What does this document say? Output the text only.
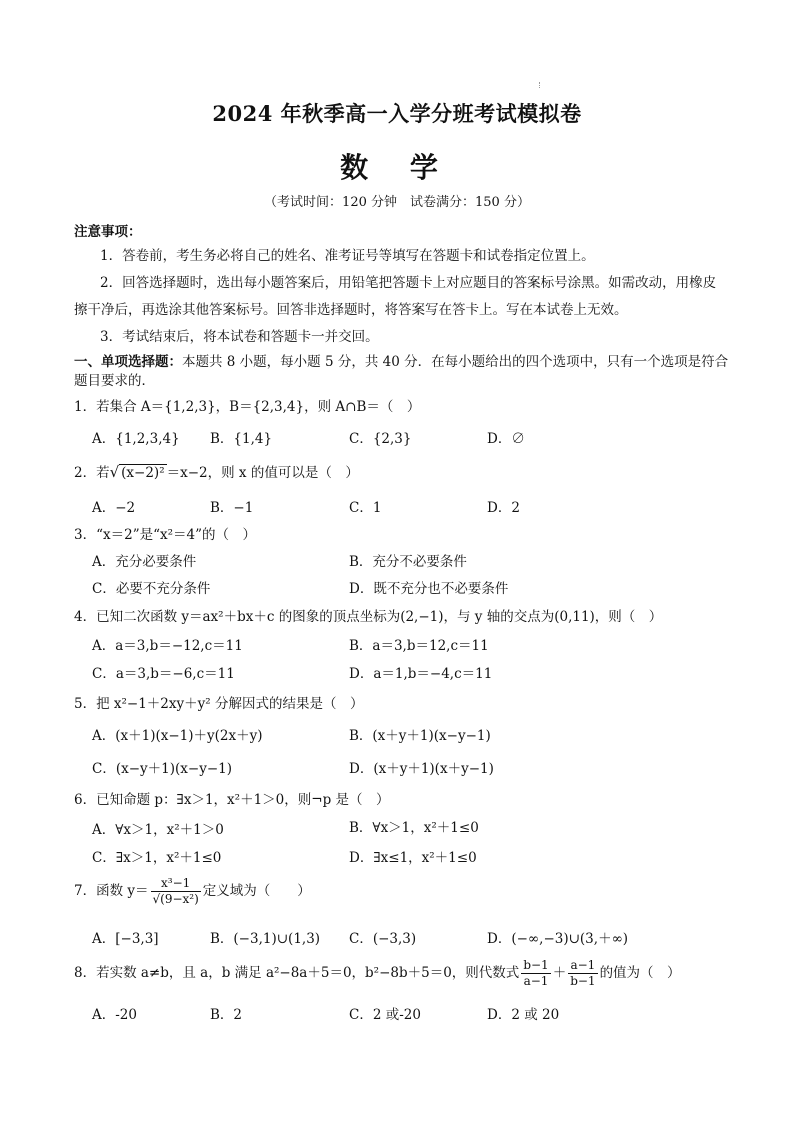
2024 年秋季高一入学分班考试模拟卷
数 学
（考试时间：120 分钟　试卷满分：150 分）
注意事项：

1．答卷前，考生务必将自己的姓名、准考证号等填写在答题卡和试卷指定位置上。

2．回答选择题时，选出每小题答案后，用铅笔把答题卡上对应题目的答案标号涂黑。如需改动，用橡皮擦干净后，再选涂其他答案标号。回答非选择题时，将答案写在答卡上。写在本试卷上无效。

3．考试结束后，将本试卷和答题卡一并交回。

一、单项选择题：本题共 8 小题，每小题 5 分，共 40 分．在每小题给出的四个选项中，只有一个选项是符合题目要求的．
1．若集合 A＝{1,2,3}，B＝{2,3,4}，则 A∩B＝（　）
A．{1,2,3,4} B．{1,4}	C．{2,3}	D．∅
2．若√ (x−2)² ＝x−2，则 x 的值可以是（　）
A．−2	B．−1	C．1	D．2
3．“x＝2”是“x²＝4”的（　）
A．充分必要条件	B．充分不必要条件
C．必要不充分条件	D．既不充分也不必要条件
4．已知二次函数 y＝ax²＋bx＋c 的图象的顶点坐标为(2,−1)，与 y 轴的交点为(0,11)，则（　）
A．a＝3,b＝−12,c＝11	B．a＝3,b＝12,c＝11
C．a＝3,b＝−6,c＝11	D．a＝1,b＝−4,c＝11
5．把 x²−1＋2xy＋y² 分解因式的结果是（　）
A．(x＋1)(x−1)＋y(2x＋y)	B．(x＋y＋1)(x−y−1)
C．(x−y＋1)(x−y−1)	D．(x＋y＋1)(x＋y−1)
6．已知命题 p：∃x＞1，x²＋1＞0，则¬p 是（　）
A．∀x＞1，x²＋1＞0	B．∀x＞1，x²＋1≤0
C．∃x＞1，x²＋1≤0	D．∃x≤1，x²＋1≤0
7．函数 $y= \frac{\text{x³−1}}{\text{√(9−x²)}}$ 定义域为（　　）
A．[−3,3]	B．(−3,1)∪(1,3) C．(−3,3)	D．(−∞,−3)∪(3,＋∞)
8．若实数 a≠b，且 a，b 满足 a²−8a＋5＝0，b²−8b＋5＝0，则代数式 $\frac{b-1}{a-1} + \frac{a-1}{b-1}$ 的值为（　）
A．-20	B．2	C．2 或-20	D．2 或 20
